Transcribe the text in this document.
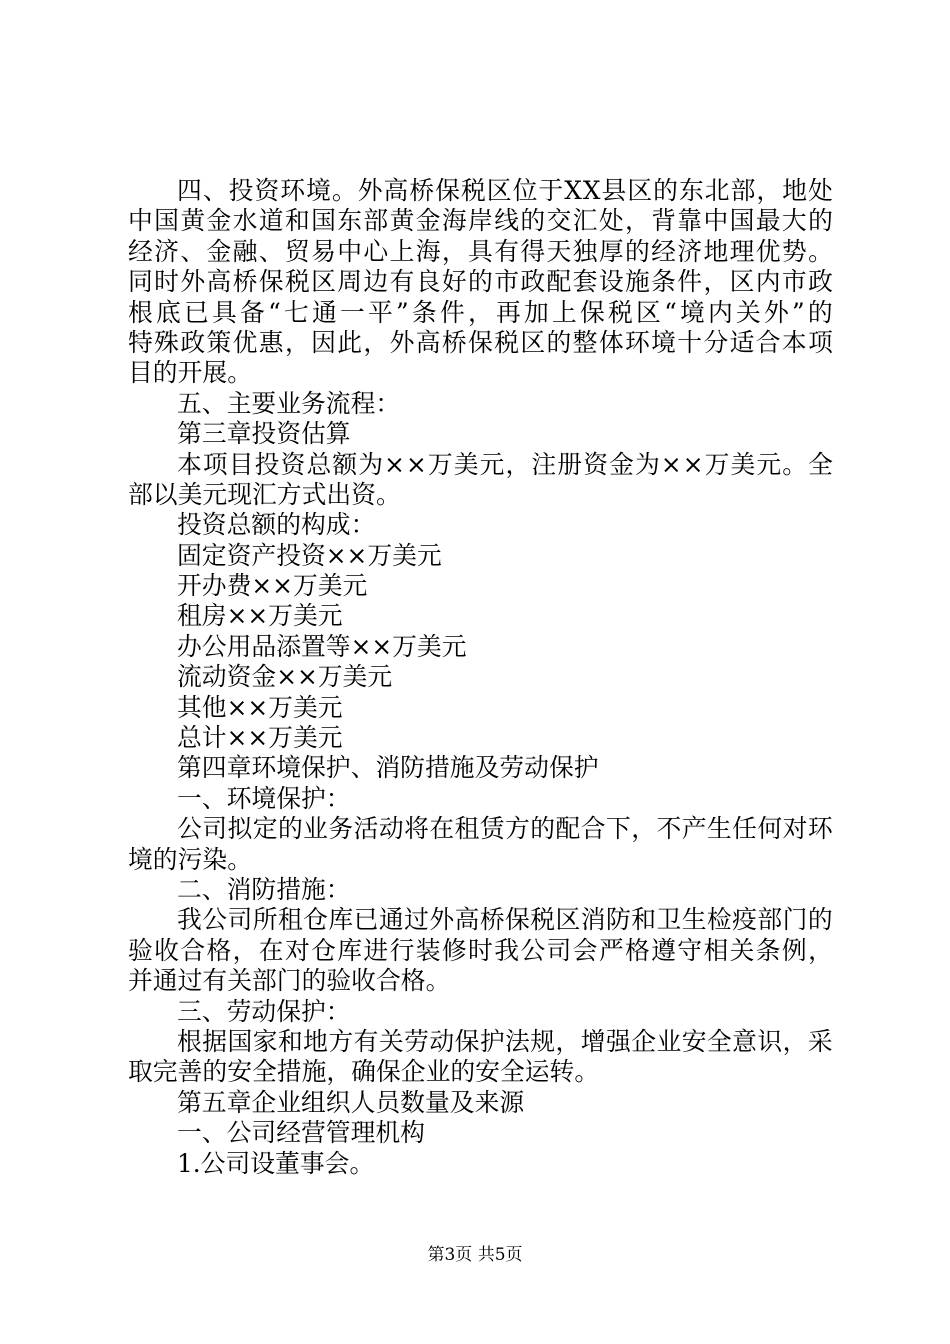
四 、 投 资 环 境 。 外 高 桥 保 税 区 位 于 X X 县 区 的 东 北 部 ， 地 处
中 国 黄 金 水 道 和 国 东 部 黄 金 海 岸 线 的 交 汇 处 ， 背 靠 中 国 最 大 的
经 济 、 金 融 、 贸 易 中 心 上 海 ， 具 有 得 天 独 厚 的 经 济 地 理 优 势 。
同 时 外 高 桥 保 税 区 周 边 有 良 好 的 市 政 配 套 设 施 条 件 ， 区 内 市 政
根 底 已 具 备 “ 七 通 一 平 ” 条 件 ， 再 加 上 保 税 区 “ 境 内 关 外 ” 的
特 殊 政 策 优 惠 ， 因 此 ， 外 高 桥 保 税 区 的 整 体 环 境 十 分 适 合 本 项
目的开展。
五、主要业务流程：
第三章投资估算
本 项 目 投 资 总 额 为 × × 万 美 元 ， 注 册 资 金 为 × × 万 美 元 。 全
部以美元现汇方式出资。
投资总额的构成：
固定资产投资××万美元
开办费××万美元
租房××万美元
办公用品添置等××万美元
流动资金××万美元
其他××万美元
总计××万美元
第四章环境保护、消防措施及劳动保护
一、环境保护：
公 司 拟 定 的 业 务 活 动 将 在 租 赁 方 的 配 合 下 ， 不 产 生 任 何 对 环
境的污染。
二、消防措施：
我 公 司 所 租 仓 库 已 通 过 外 高 桥 保 税 区 消 防 和 卫 生 检 疫 部 门 的
验 收 合 格 ， 在 对 仓 库 进 行 装 修 时 我 公 司 会 严 格 遵 守 相 关 条 例 ，
并通过有关部门的验收合格。
三、劳动保护：
根 据 国 家 和 地 方 有 关 劳 动 保 护 法 规 ， 增 强 企 业 安 全 意 识 ， 采
取完善的安全措施，确保企业的安全运转。
第五章企业组织人员数量及来源
一、公司经营管理机构
1.公司设董事会。
第3页 共5页
